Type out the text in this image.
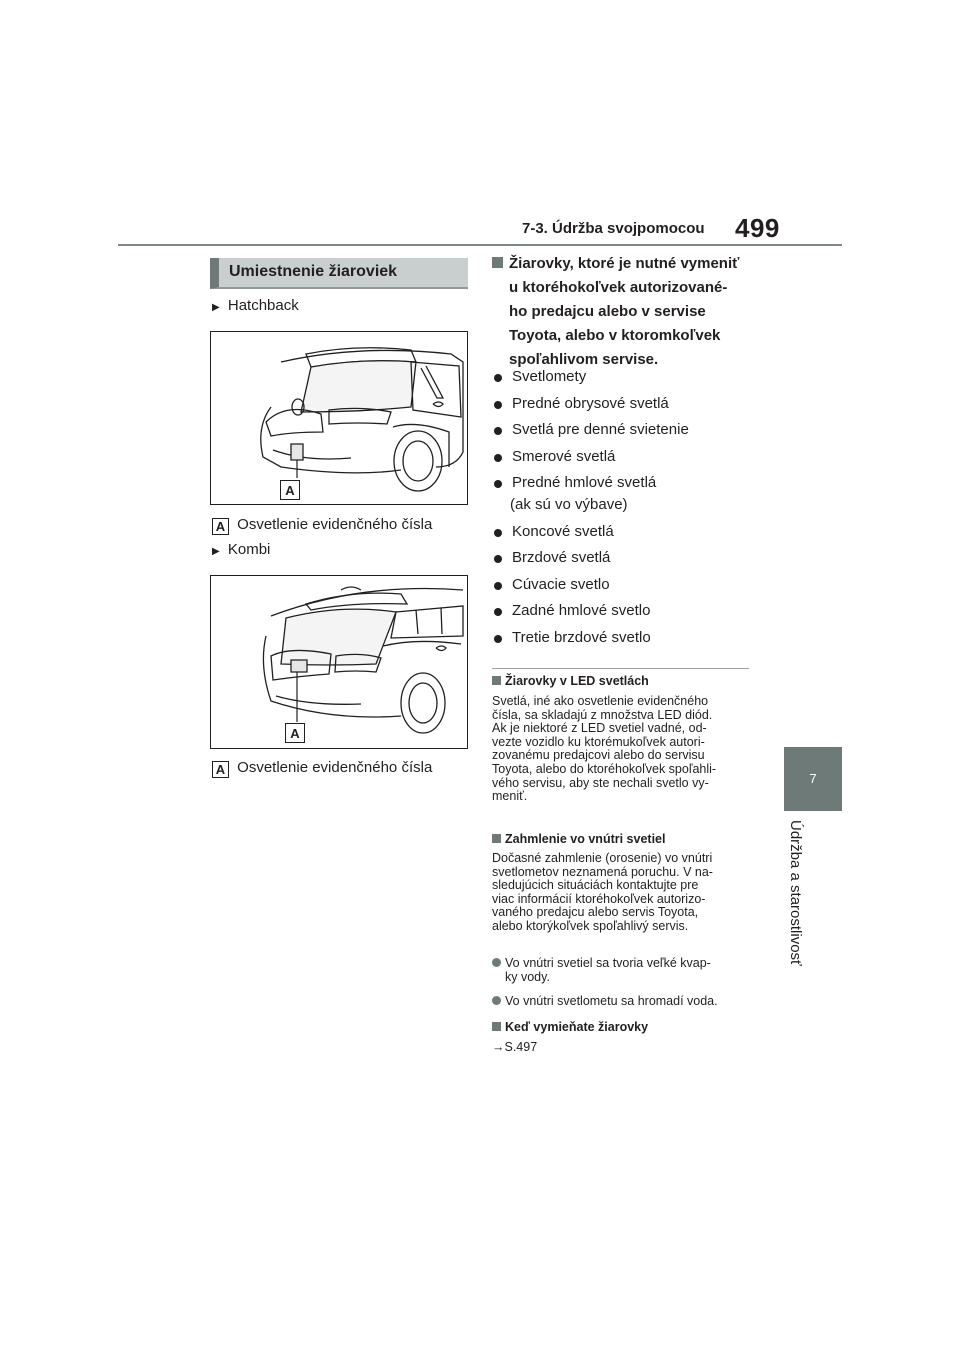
7-3. Údržba svojpomocou 499
7
Údržba a starostlivosť
Umiestnenie žiaroviek
▶ Hatchback
A
A Osvetlenie evidenčného čísla
▶ Kombi
A
A Osvetlenie evidenčného čísla
Žiarovky, ktoré je nutné vymeniť
u ktoréhokoľvek autorizované-
ho predajcu alebo v servise
Toyota, alebo v ktoromkoľvek
spoľahlivom servise.
Svetlomety
Predné obrysové svetlá
Svetlá pre denné svietenie
Smerové svetlá
Predné hmlové svetlá
(ak sú vo výbave)
Koncové svetlá
Brzdové svetlá
Cúvacie svetlo
Zadné hmlové svetlo
Tretie brzdové svetlo
Žiarovky v LED svetlách
Svetlá, iné ako osvetlenie evidenčného
čísla, sa skladajú z množstva LED diód.
Ak je niektoré z LED svetiel vadné, od-
vezte vozidlo ku ktorémukoľvek autori-
zovanému predajcovi alebo do servisu
Toyota, alebo do ktoréhokoľvek spoľahli-
vého servisu, aby ste nechali svetlo vy-
meniť.
Zahmlenie vo vnútri svetiel
Dočasné zahmlenie (orosenie) vo vnútri
svetlometov neznamená poruchu. V na-
sledujúcich situáciách kontaktujte pre
viac informácií ktoréhokoľvek autorizo-
vaného predajcu alebo servis Toyota,
alebo ktorýkoľvek spoľahlivý servis.
Vo vnútri svetiel sa tvoria veľké kvap-
ky vody.
Vo vnútri svetlometu sa hromadí voda.
Keď vymieňate žiarovky
→S.497
